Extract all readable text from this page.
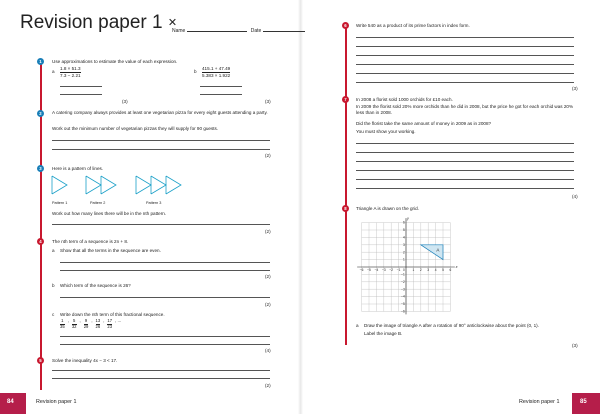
Revision paper 1 ✕
Name	Date
1	Use approximations to estimate the value of each expression.
a $\frac{1.8 \times 51.3}{7.3 - 2.21}$	b $\frac{415.1 + 47.49}{5.383 \times 1.922}$
(3)	(3)
2	A catering company always provides at least one vegetarian pizza for every eight guests attending a party.
Work out the minimum number of vegetarian pizzas they will supply for 90 guests.
(2)
3	Here is a pattern of lines.
Pattern 1	Pattern 2	Pattern 3
Work out how many lines there will be in the nth pattern.
(2)
4	The nth term of a sequence is 2n + 8.
a Show that all the terms in the sequence are even.
(2)
b Which term of the sequence is 26?
(2)
c Write down the nth term of this fractional sequence.
1
35
, 5
32
, 9
29
, 13
26
, 17
23
, …
(4)
5	Solve the inequality 4x − 3 < 17.
(2)
6	Write 540 as a product of its prime factors in index form.
(3)
7	In 2008 a florist sold 1000 orchids for £10 each.
In 2009 the florist sold 20% more orchids than he did in 2008, but the price he got for each orchid was 20% less than in 2008.
Did the florist take the same amount of money in 2009 as in 2008?
You must show your working.
(4)
8	Triangle A is drawn on the grid.
−6
−6
−5
−5
−4
−4
−3
−3
−2
−2
−1
−1
1
1
2
2
3
3
4
4
5
5
6
6
0
x
y
A
a Draw the image of triangle A after a rotation of 90° anticlockwise about the point (0, 1).
Label the image B.
(3)
84	Revision paper 1	85
Revision paper 1
